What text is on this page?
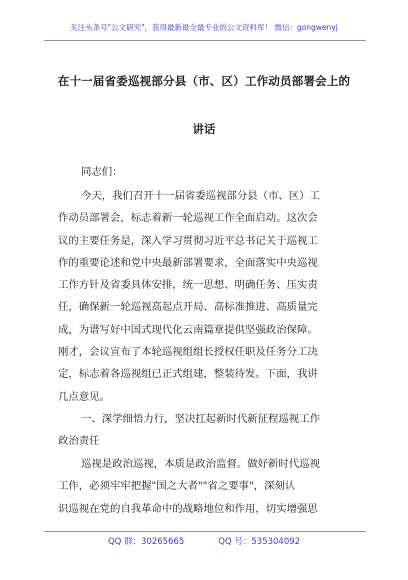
关注头条号"公文研究"，获得最新最全最专业的公文资料库！ 微信：gongwenyj
在十一届省委巡视部分县（市、区）工作动员部署会上的
讲话
同志们：
今天，我们召开十一届省委巡视部分县（市、区）工
作动员部署会，标志着新一轮巡视工作全面启动。这次会
议的主要任务是，深入学习贯彻习近平总书记关于巡视工
作的重要论述和党中央最新部署要求，全面落实中央巡视
工作方针及省委具体安排，统一思想、明确任务、压实责
任，确保新一轮巡视高起点开局、高标准推进、高质量完
成，为谱写好中国式现代化云南篇章提供坚强政治保障。
刚才，会议宣布了本轮巡视组组长授权任职及任务分工决
定，标志着各巡视组已正式组建，整装待发。下面，我讲
几点意见。
一、深学细悟力行，坚决扛起新时代新征程巡视工作
政治责任
巡视是政治巡视，本质是政治监督。做好新时代巡视
工作，必须牢牢把握"国之大者""省之要事"，深刻认
识巡视在党的自我革命中的战略地位和作用，切实增强思
QQ 群：30265665	QQ 号：535304092
